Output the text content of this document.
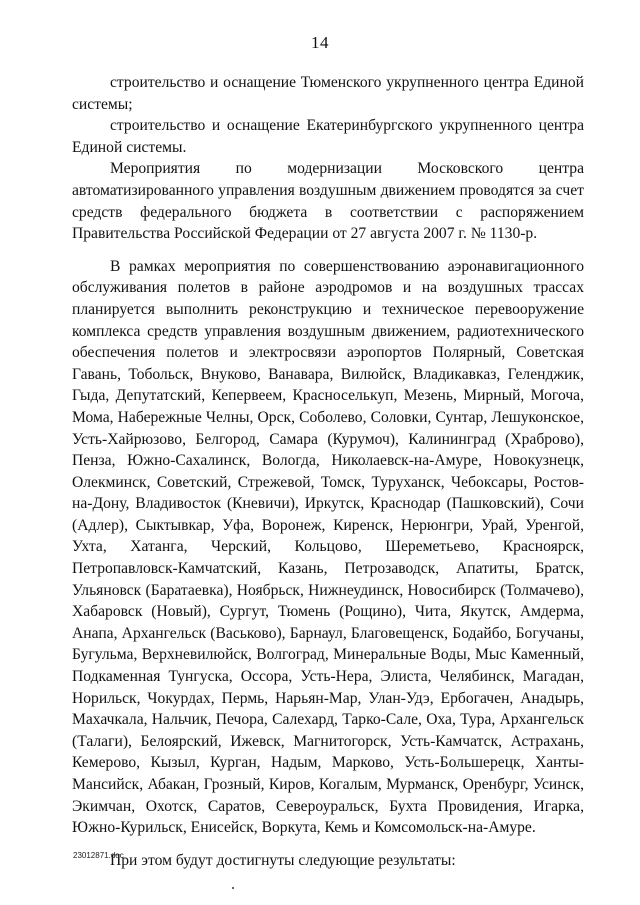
14

строительство и оснащение Тюменского укрупненного центра Единой системы;

строительство и оснащение Екатеринбургского укрупненного центра Единой системы.

Мероприятия по модернизации Московского центра автоматизированного управления воздушным движением проводятся за счет средств федерального бюджета в соответствии с распоряжением Правительства Российской Федерации от 27 августа 2007 г. № 1130-р.

В рамках мероприятия по совершенствованию аэронавигационного обслуживания полетов в районе аэродромов и на воздушных трассах планируется выполнить реконструкцию и техническое перевооружение комплекса средств управления воздушным движением, радиотехнического обеспечения полетов и электросвязи аэропортов Полярный, Советская Гавань, Тобольск, Внуково, Ванавара, Вилюйск, Владикавказ, Геленджик, Гыда, Депутатский, Кепервеем, Красноселькуп, Мезень, Мирный, Могоча, Мома, Набережные Челны, Орск, Соболево, Соловки, Сунтар, Лешуконское, Усть-Хайрюзово, Белгород, Самара (Курумоч), Калининград (Храброво), Пенза, Южно-Сахалинск, Вологда, Николаевск-на-Амуре, Новокузнецк, Олекминск, Советский, Стрежевой, Томск, Туруханск, Чебоксары, Ростов-на-Дону, Владивосток (Кневичи), Иркутск, Краснодар (Пашковский), Сочи (Адлер), Сыктывкар, Уфа, Воронеж, Киренск, Нерюнгри, Урай, Уренгой, Ухта, Хатанга, Черский, Кольцово, Шереметьево, Красноярск, Петропавловск-Камчатский, Казань, Петрозаводск, Апатиты, Братск, Ульяновск (Баратаевка), Ноябрьск, Нижнеудинск, Новосибирск (Толмачево), Хабаровск (Новый), Сургут, Тюмень (Рощино), Чита, Якутск, Амдерма, Анапа, Архангельск (Васьково), Барнаул, Благовещенск, Бодайбо, Богучаны, Бугульма, Верхневилюйск, Волгоград, Минеральные Воды, Мыс Каменный, Подкаменная Тунгуска, Оссора, Усть-Нера, Элиста, Челябинск, Магадан, Норильск, Чокурдах, Пермь, Нарьян-Мар, Улан-Удэ, Ербогачен, Анадырь, Махачкала, Нальчик, Печора, Салехард, Тарко-Сале, Оха, Тура, Архангельск (Талаги), Белоярский, Ижевск, Магнитогорск, Усть-Камчатск, Астрахань, Кемерово, Кызыл, Курган, Надым, Марково, Усть-Большерецк, Ханты-Мансийск, Абакан, Грозный, Киров, Когалым, Мурманск, Оренбург, Усинск, Экимчан, Охотск, Саратов, Североуральск, Бухта Провидения, Игарка, Южно-Курильск, Енисейск, Воркута, Кемь и Комсомольск-на-Амуре.

При этом будут достигнуты следующие результаты:

23012871.doc
